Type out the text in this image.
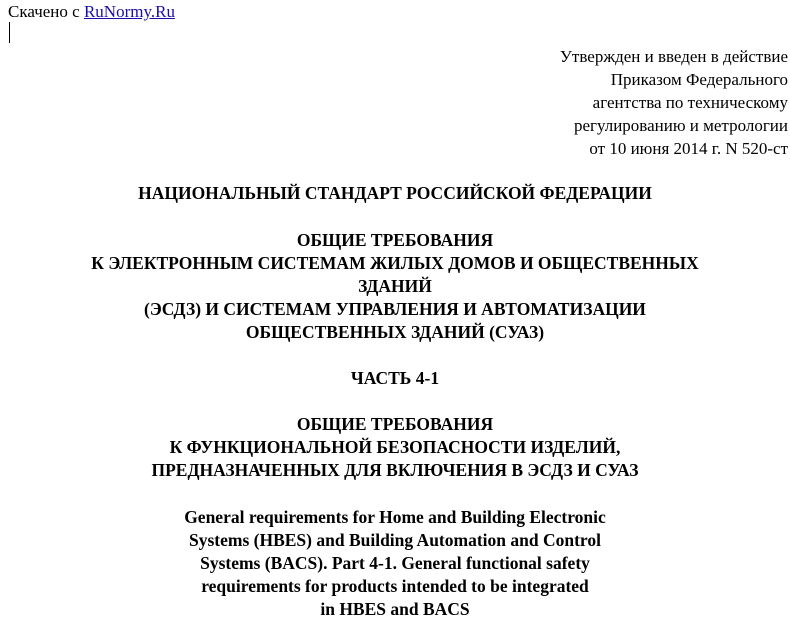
Скачено с RuNormy.Ru
Утвержден и введен в действие
Приказом Федерального
агентства по техническому
регулированию и метрологии
от 10 июня 2014 г. N 520-ст
НАЦИОНАЛЬНЫЙ СТАНДАРТ РОССИЙСКОЙ ФЕДЕРАЦИИ
ОБЩИЕ ТРЕБОВАНИЯ
К ЭЛЕКТРОННЫМ СИСТЕМАМ ЖИЛЫХ ДОМОВ И ОБЩЕСТВЕННЫХ
ЗДАНИЙ
(ЭСДЗ) И СИСТЕМАМ УПРАВЛЕНИЯ И АВТОМАТИЗАЦИИ
ОБЩЕСТВЕННЫХ ЗДАНИЙ (СУАЗ)
ЧАСТЬ 4-1
ОБЩИЕ ТРЕБОВАНИЯ
К ФУНКЦИОНАЛЬНОЙ БЕЗОПАСНОСТИ ИЗДЕЛИЙ,
ПРЕДНАЗНАЧЕННЫХ ДЛЯ ВКЛЮЧЕНИЯ В ЭСДЗ И СУАЗ
General requirements for Home and Building Electronic
Systems (HBES) and Building Automation and Control
Systems (BACS). Part 4-1. General functional safety
requirements for products intended to be integrated
in HBES and BACS
